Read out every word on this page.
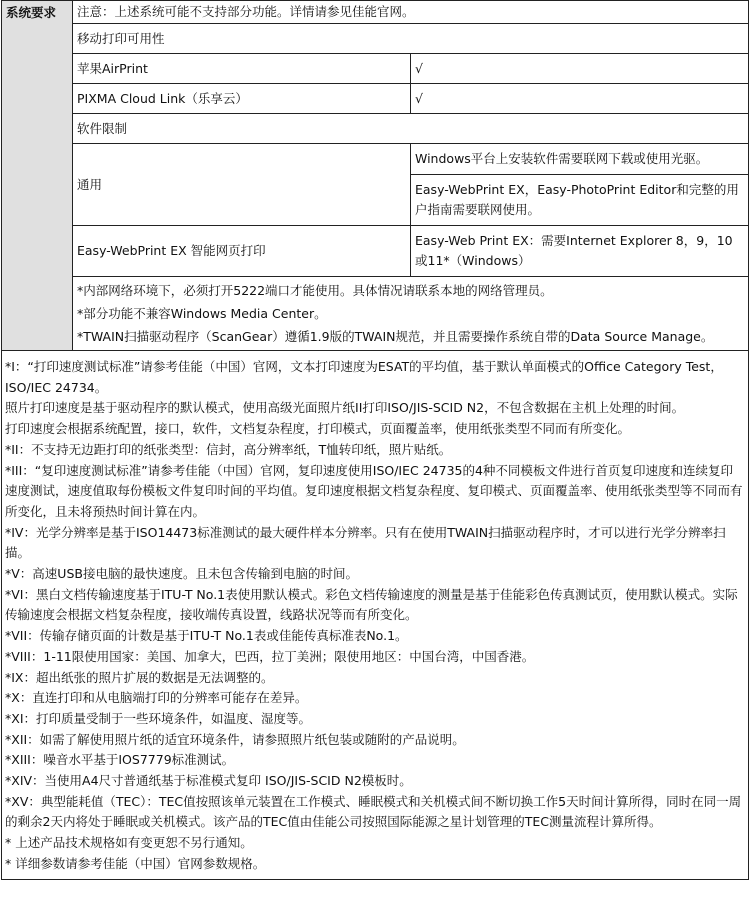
系统要求	注意：上述系统可能不支持部分功能。详情请参见佳能官网。	
	移动打印可用性	
	苹果AirPrint	√
	PIXMA Cloud Link（乐享云）	√
	软件限制	
	通用	Windows平台上安装软件需要联网下载或使用光驱。
		Easy-WebPrint EX，Easy-PhotoPrint Editor和完整的用户指南需要联网使用。
	Easy-WebPrint EX 智能网页打印	Easy-Web Print EX：需要Internet Explorer 8，9，10或11*（Windows）

	*内部网络环境下，必须打开5222端口才能使用。具体情况请联系本地的网络管理员。

*部分功能不兼容Windows Media Center。

*TWAIN扫描驱动程序（ScanGear）遵循1.9版的TWAIN规范，并且需要操作系统自带的Data Source Manage。	

*I：“打印速度测试标准”请参考佳能（中国）官网，文本打印速度为ESAT的平均值，基于默认单面模式的Office Category Test，ISO/IEC 24734。

照片打印速度是基于驱动程序的默认模式，使用高级光面照片纸II打印ISO/JIS-SCID N2，不包含数据在主机上处理的时间。

打印速度会根据系统配置，接口，软件，文档复杂程度，打印模式，页面覆盖率，使用纸张类型不同而有所变化。

*II：不支持无边距打印的纸张类型：信封，高分辨率纸，T恤转印纸，照片贴纸。

*III：“复印速度测试标准”请参考佳能（中国）官网，复印速度使用ISO/IEC 24735的4种不同模板文件进行首页复印速度和连续复印速度测试，速度值取每份模板文件复印时间的平均值。复印速度根据文档复杂程度、复印模式、页面覆盖率、使用纸张类型等不同而有所变化，且未将预热时间计算在内。

*IV：光学分辨率是基于ISO14473标准测试的最大硬件样本分辨率。只有在使用TWAIN扫描驱动程序时，才可以进行光学分辨率扫描。

*V：高速USB接电脑的最快速度。且未包含传输到电脑的时间。

*VI：黑白文档传输速度基于ITU-T No.1表使用默认模式。彩色文档传输速度的测量是基于佳能彩色传真测试页，使用默认模式。实际传输速度会根据文档复杂程度，接收端传真设置，线路状况等而有所变化。

*VII：传输存储页面的计数是基于ITU-T No.1表或佳能传真标准表No.1。

*VIII：1-11限使用国家：美国、加拿大，巴西，拉丁美洲；限使用地区：中国台湾，中国香港。

*IX：超出纸张的照片扩展的数据是无法调整的。

*X：直连打印和从电脑端打印的分辨率可能存在差异。

*XI：打印质量受制于一些环境条件，如温度、湿度等。

*XII：如需了解使用照片纸的适宜环境条件，请参照照片纸包装或随附的产品说明。

*XIII：噪音水平基于IOS7779标准测试。

*XIV：当使用A4尺寸普通纸基于标准模式复印 ISO/JIS-SCID N2模板时。

*XV：典型能耗值（TEC）：TEC值按照该单元装置在工作模式、睡眠模式和关机模式间不断切换工作5天时间计算所得，同时在同一周的剩余2天内将处于睡眠或关机模式。该产品的TEC值由佳能公司按照国际能源之星计划管理的TEC测量流程计算所得。

* 上述产品技术规格如有变更恕不另行通知。

* 详细参数请参考佳能（中国）官网参数规格。
